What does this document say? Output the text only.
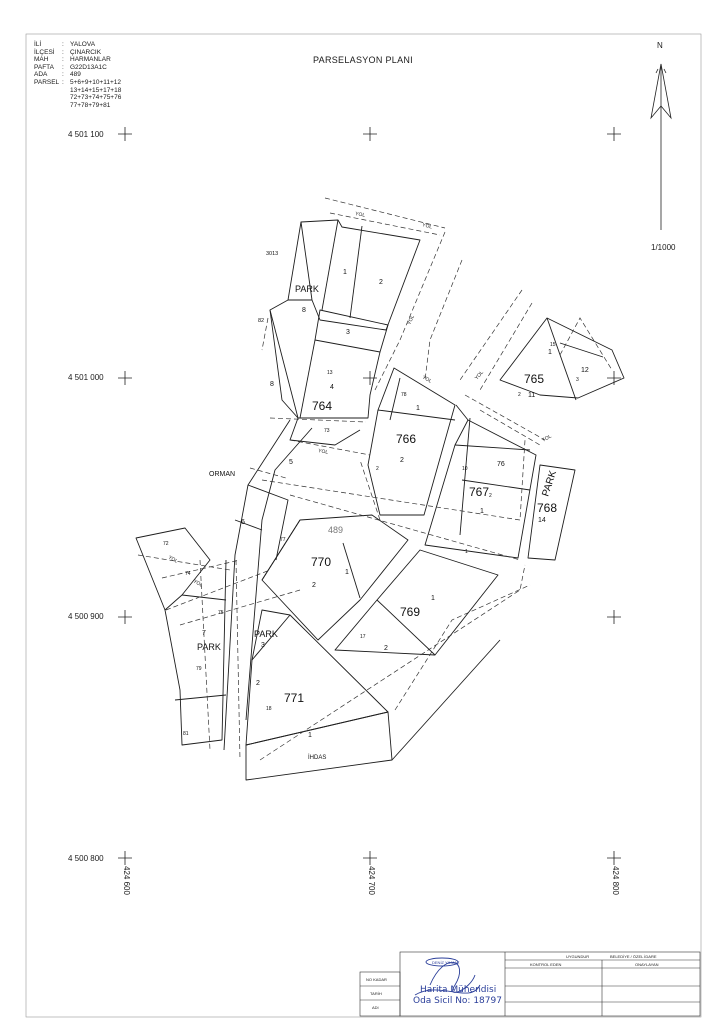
764
765
766
767
768
769
770
771
PARK
PARK
PARK
PARK
YOL
YOL
YOL
YOL	YOL
YOL
YOL
YOL
YOL
ORMAN
İHDAS
3013
82
1
2
3
8
8	4
73
5
6
77
72
74
75
7
79
81
3
2
18
1
1
2
489
2
17
1
2
1
2
78
10
76
1
2
14
1
1
15
12
2 11
3
13
İLİ	: YALOVA
İLÇESİ	: ÇINARCIK
MAH	: HARMANLAR
PAFTA	: G22D13A1C
ADA	: 489
PARSEL : 5+6+9+10+11+12
13+14+15+17+18
72+73+74+75+76
77+78+79+81
PARSELASYON PLANI
N
1/1000
4 501 100
4 501 000
4 500 900
4 500 800
424 600	424 700	424 800
UYGUNDUR	BELEDİYE / ÖZEL İDARE
KONTROL EDEN	ONAYLAYAN
NO KADAR
TARİH
ADI
DENİZ YILMAZ
Harita Mühendisi
Oda Sicil No: 18797
